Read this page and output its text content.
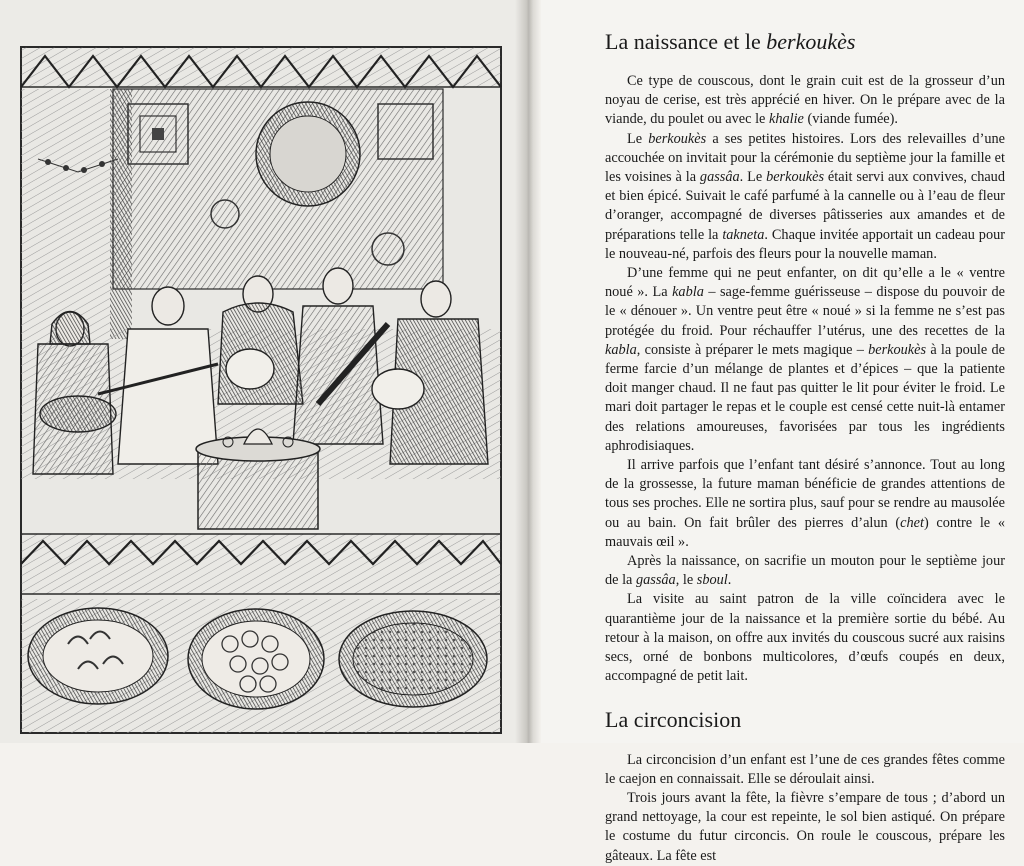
La naissance et le berkoukès

Ce type de couscous, dont le grain cuit est de la grosseur d’un noyau de cerise, est très apprécié en hiver. On le prépare avec de la viande, du poulet ou avec le khalie (viande fumée).

Le berkoukès a ses petites histoires. Lors des relevailles d’une accouchée on invitait pour la cérémonie du septième jour la famille et les voisines à la gassâa. Le berkoukès était servi aux convives, chaud et bien épicé. Suivait le café parfumé à la cannelle ou à l’eau de fleur d’oranger, accompagné de diverses pâtisseries aux amandes et de préparations telle la takneta. Chaque invitée apportait un cadeau pour le nouveau-né, parfois des fleurs pour la nouvelle maman.

D’une femme qui ne peut enfanter, on dit qu’elle a le « ventre noué ». La kabla – sage-femme guérisseuse – dispose du pouvoir de le « dénouer ». Un ventre peut être « noué » si la femme ne s’est pas protégée du froid. Pour réchauffer l’utérus, une des recettes de la kabla, consiste à préparer le mets magique – berkoukès à la poule de ferme farcie d’un mélange de plantes et d’épices – que la patiente doit manger chaud. Il ne faut pas quitter le lit pour éviter le froid. Le mari doit partager le repas et le couple est censé cette nuit-là entamer des relations amoureuses, favorisées par tous les ingrédients aphrodisiaques.

Il arrive parfois que l’enfant tant désiré s’annonce. Tout au long de la grossesse, la future maman bénéficie de grandes attentions de tous ses proches. Elle ne sortira plus, sauf pour se rendre au mausolée ou au bain. On fait brûler des pierres d’alun (chet) contre le « mauvais œil ».

Après la naissance, on sacrifie un mouton pour le septième jour de la gassâa, le sboul.

La visite au saint patron de la ville coïncidera avec le quarantième jour de la naissance et la première sortie du bébé. Au retour à la maison, on offre aux invités du couscous sucré aux raisins secs, orné de bonbons multicolores, d’œufs coupés en deux, accompagné de petit lait.

La circoncision

La circoncision d’un enfant est l’une de ces grandes fêtes comme le caejon en connaissait. Elle se déroulait ainsi.

Trois jours avant la fête, la fièvre s’empare de tous ; d’abord un grand nettoyage, la cour est repeinte, le sol bien astiqué. On prépare le costume du futur circoncis. On roule le couscous, prépare les gâteaux. La fête est
